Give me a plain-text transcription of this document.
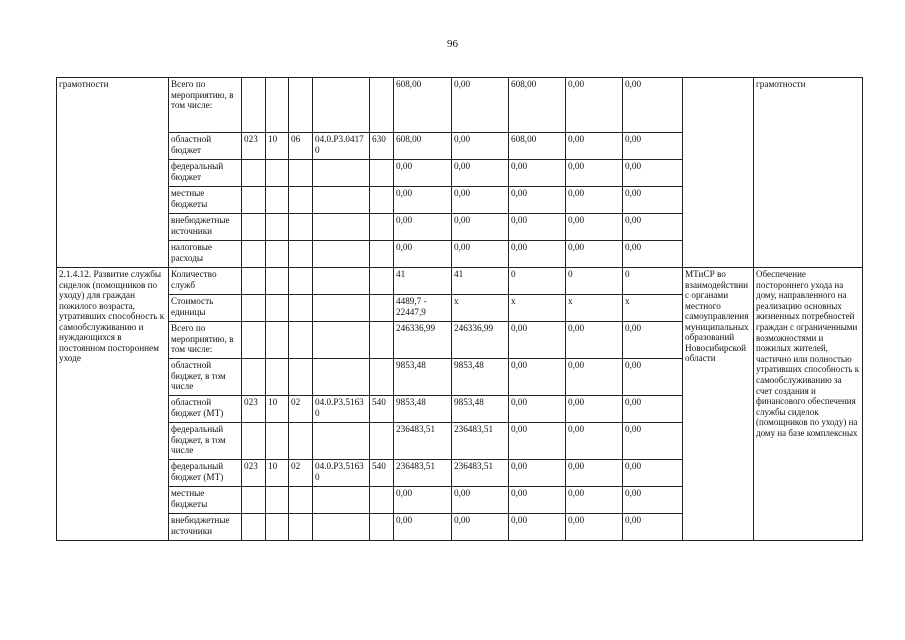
96
грамотности	Всего по мероприятию, в том числе:						608,00	0,00	608,00	0,00	0,00		грамотности
	областной бюджет	023	10	06	04.0.Р3.04170	630	608,00	0,00	608,00	0,00	0,00		
	федеральный бюджет						0,00	0,00	0,00	0,00	0,00		
	местные бюджеты						0,00	0,00	0,00	0,00	0,00		
	внебюджетные источники						0,00	0,00	0,00	0,00	0,00		
	налоговые расходы						0,00	0,00	0,00	0,00	0,00		
2.1.4.12. Развитие службы сиделок (помощников по уходу) для граждан пожилого возраста, утративших способность к самообслуживанию и нуждающихся в постоянном постороннем уходе	Количество служб						41	41	0	0	0	МТиСР во взаимодействии с органами местного самоуправления муниципальных образований Новосибирской области	Обеспечение постороннего ухода на дому, направленного на реализацию основных жизненных потребностей граждан с ограниченными возможностями и пожилых жителей, частично или полностью утративших способность к самообслуживанию за счет создания и финансового обеспечения службы сиделок (помощников по уходу) на дому на базе комплексных
	Стоимость единицы						4489,7 - 22447,9	х	х	х	х		
	Всего по мероприятию, в том числе:						246336,99	246336,99	0,00	0,00	0,00		
	областной бюджет, в том числе						9853,48	9853,48	0,00	0,00	0,00		
	областной бюджет (МТ)	023	10	02	04.0.Р3.51630	540	9853,48	9853,48	0,00	0,00	0,00		
	федеральный бюджет, в том числе						236483,51	236483,51	0,00	0,00	0,00		
	федеральный бюджет (МТ)	023	10	02	04.0.Р3.51630	540	236483,51	236483,51	0,00	0,00	0,00		
	местные бюджеты						0,00	0,00	0,00	0,00	0,00		
	внебюджетные источники						0,00	0,00	0,00	0,00	0,00		
